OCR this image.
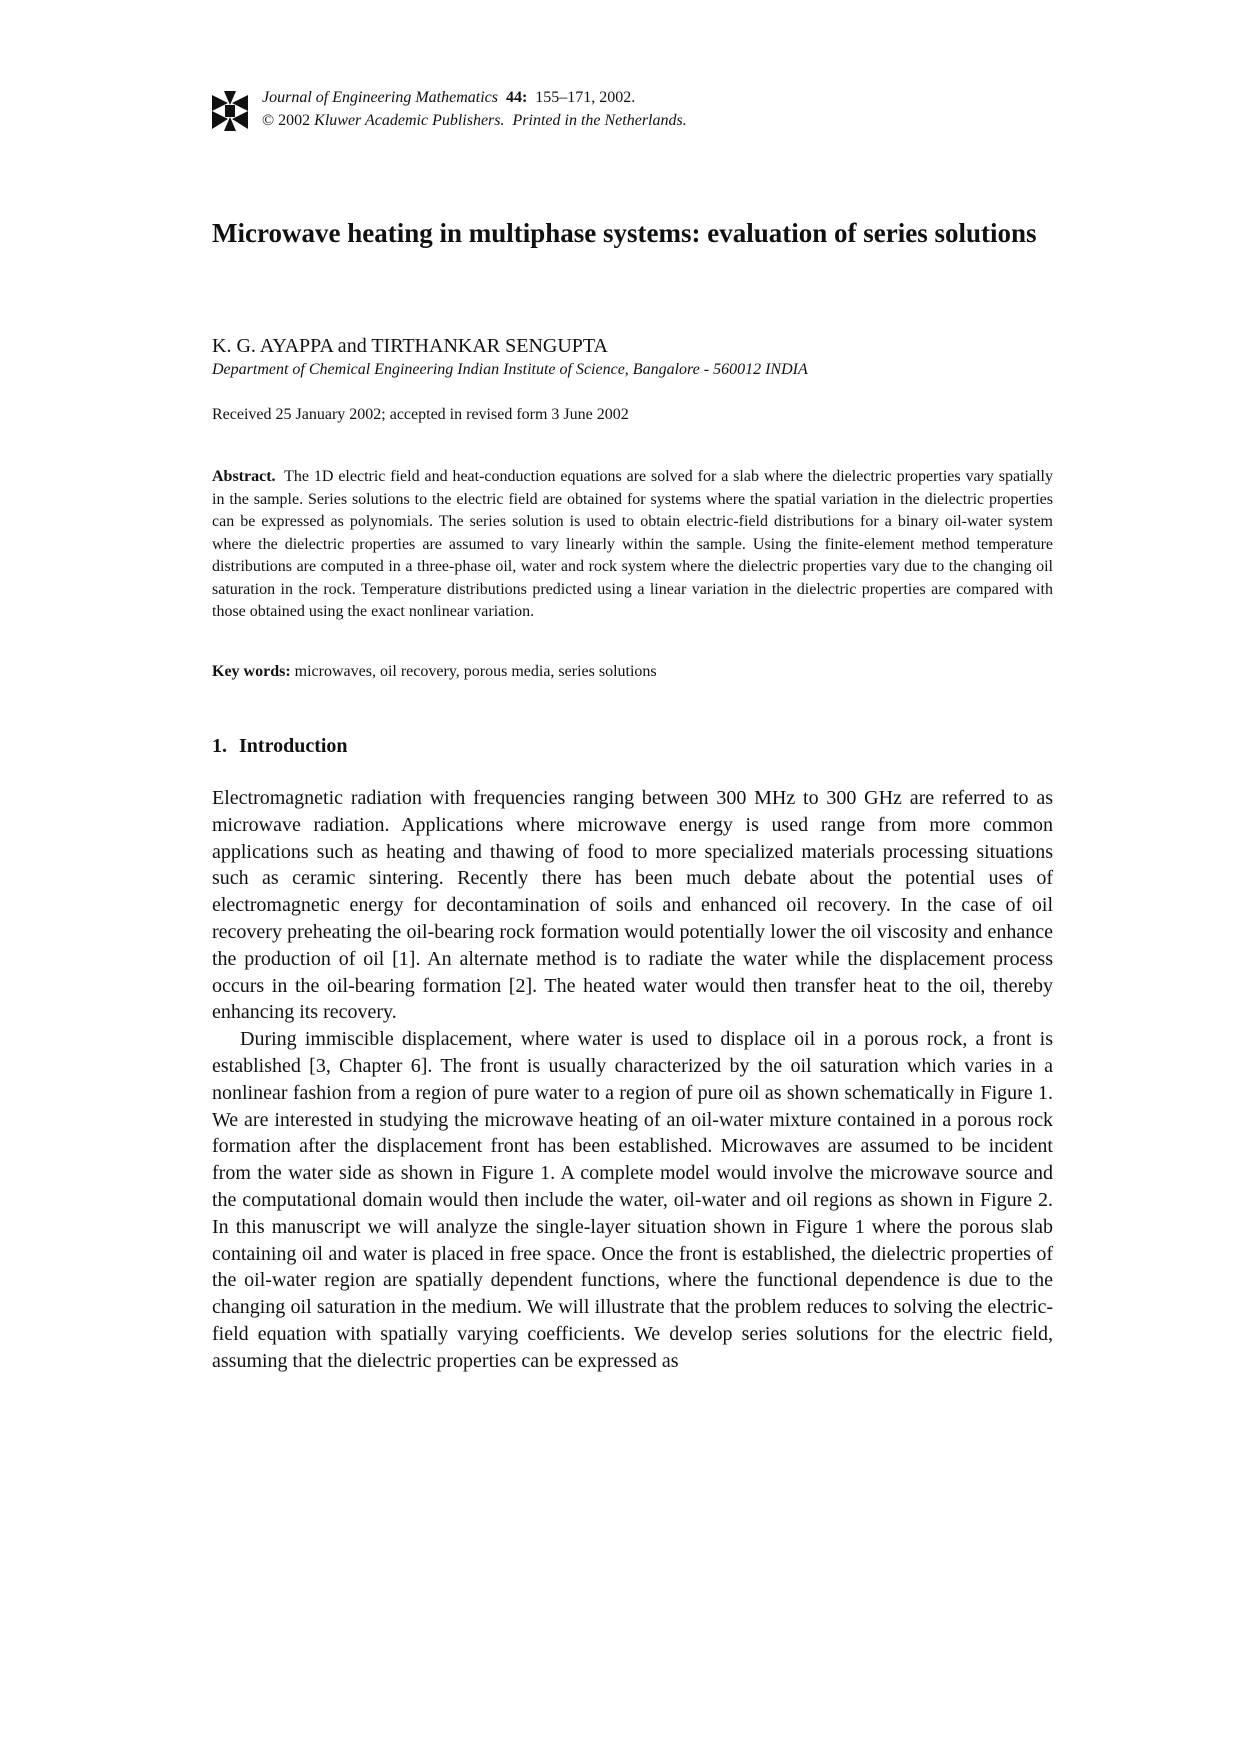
Journal of Engineering Mathematics 44: 155–171, 2002.
© 2002 Kluwer Academic Publishers. Printed in the Netherlands.
Microwave heating in multiphase systems: evaluation of series solutions
K. G. AYAPPA and TIRTHANKAR SENGUPTA
Department of Chemical Engineering Indian Institute of Science, Bangalore - 560012 INDIA
Received 25 January 2002; accepted in revised form 3 June 2002

Abstract. The 1D electric field and heat-conduction equations are solved for a slab where the dielectric properties vary spatially in the sample. Series solutions to the electric field are obtained for systems where the spatial variation in the dielectric properties can be expressed as polynomials. The series solution is used to obtain electric-field distributions for a binary oil-water system where the dielectric properties are assumed to vary linearly within the sample. Using the finite-element method temperature distributions are computed in a three-phase oil, water and rock system where the dielectric properties vary due to the changing oil saturation in the rock. Temperature distributions predicted using a linear variation in the dielectric properties are compared with those obtained using the exact nonlinear variation.

Key words: microwaves, oil recovery, porous media, series solutions
1. Introduction

Electromagnetic radiation with frequencies ranging between 300 MHz to 300 GHz are referred to as microwave radiation. Applications where microwave energy is used range from more common applications such as heating and thawing of food to more specialized materials processing situations such as ceramic sintering. Recently there has been much debate about the potential uses of electromagnetic energy for decontamination of soils and enhanced oil recovery. In the case of oil recovery preheating the oil-bearing rock formation would potentially lower the oil viscosity and enhance the production of oil [1]. An alternate method is to radiate the water while the displacement process occurs in the oil-bearing formation [2]. The heated water would then transfer heat to the oil, thereby enhancing its recovery.

During immiscible displacement, where water is used to displace oil in a porous rock, a front is established [3, Chapter 6]. The front is usually characterized by the oil saturation which varies in a nonlinear fashion from a region of pure water to a region of pure oil as shown schematically in Figure 1. We are interested in studying the microwave heating of an oil-water mixture contained in a porous rock formation after the displacement front has been established. Microwaves are assumed to be incident from the water side as shown in Figure 1. A complete model would involve the microwave source and the computational domain would then include the water, oil-water and oil regions as shown in Figure 2. In this manuscript we will analyze the single-layer situation shown in Figure 1 where the porous slab containing oil and water is placed in free space. Once the front is established, the dielectric properties of the oil-water region are spatially dependent functions, where the functional dependence is due to the changing oil saturation in the medium. We will illustrate that the problem reduces to solving the electric-field equation with spatially varying coefficients. We develop series solutions for the electric field, assuming that the dielectric properties can be expressed as
